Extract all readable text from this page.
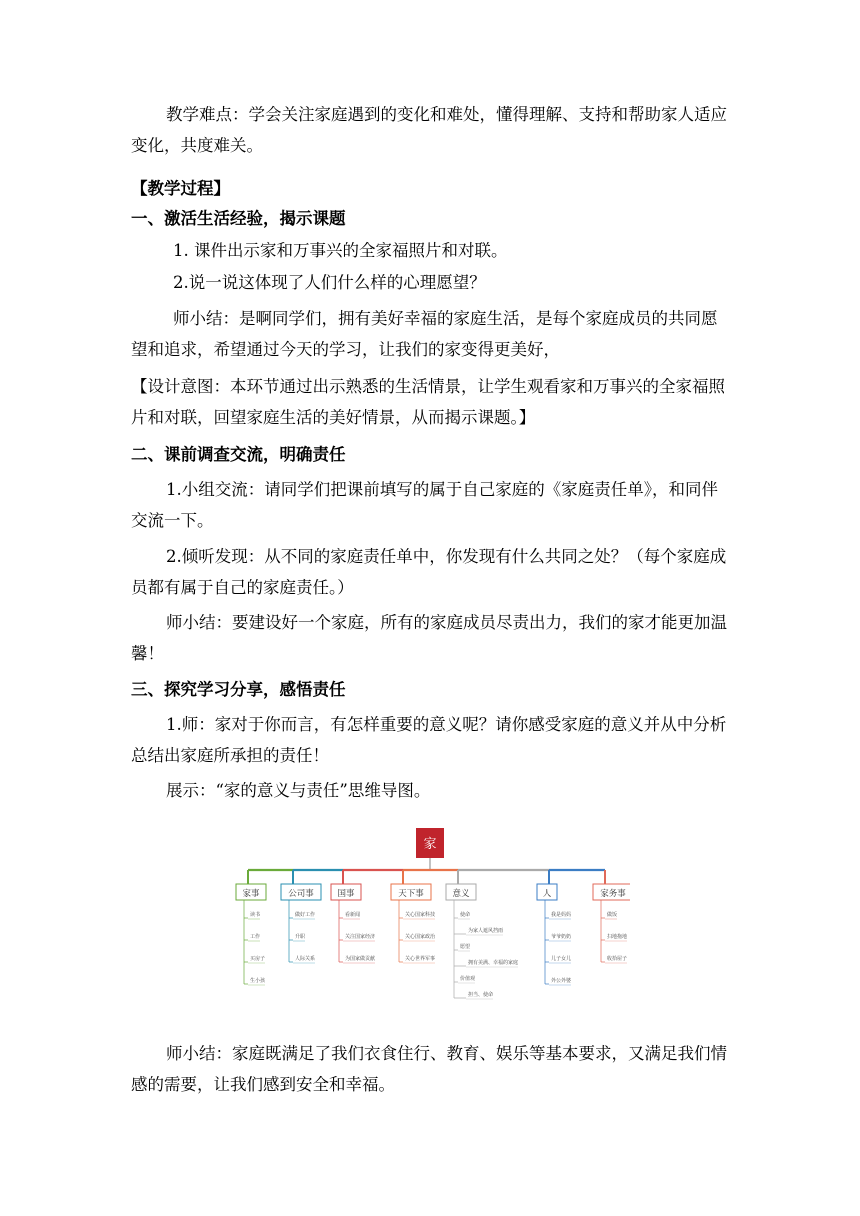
教学难点：学会关注家庭遇到的变化和难处，懂得理解、支持和帮助家人适应变化，共度难关。

【教学过程】

一、激活生活经验，揭示课题

1. 课件出示家和万事兴的全家福照片和对联。

2.说一说这体现了人们什么样的心理愿望？

师小结：是啊同学们，拥有美好幸福的家庭生活，是每个家庭成员的共同愿望和追求，希望通过今天的学习，让我们的家变得更美好，

【设计意图：本环节通过出示熟悉的生活情景，让学生观看家和万事兴的全家福照片和对联，回望家庭生活的美好情景，从而揭示课题。】

二、课前调查交流，明确责任

1.小组交流：请同学们把课前填写的属于自己家庭的《家庭责任单》，和同伴交流一下。

2.倾听发现：从不同的家庭责任单中，你发现有什么共同之处？（每个家庭成员都有属于自己的家庭责任。）

师小结：要建设好一个家庭，所有的家庭成员尽责出力，我们的家才能更加温馨！

三、探究学习分享，感悟责任

1.师：家对于你而言，有怎样重要的意义呢？请你感受家庭的意义并从中分析总结出家庭所承担的责任！

展示：“家的意义与责任”思维导图。

家
家事
读书
工作
买房子
生小孩
公司事
做好工作
升职
人际关系
国事
看新闻
关注国家经济
为国家做贡献
天下事
关心国家科技
关心国家政治
关心世界军事
意义
使命
为家人遮风挡雨
愿望
拥有美满、幸福的家庭
价值观
担当、使命
人
我是妈妈
爷爷奶奶
儿子女儿
外公外婆
家务事
做饭
扫地拖地
收拾屋子

师小结：家庭既满足了我们衣食住行、教育、娱乐等基本要求，又满足我们情感的需要，让我们感到安全和幸福。
